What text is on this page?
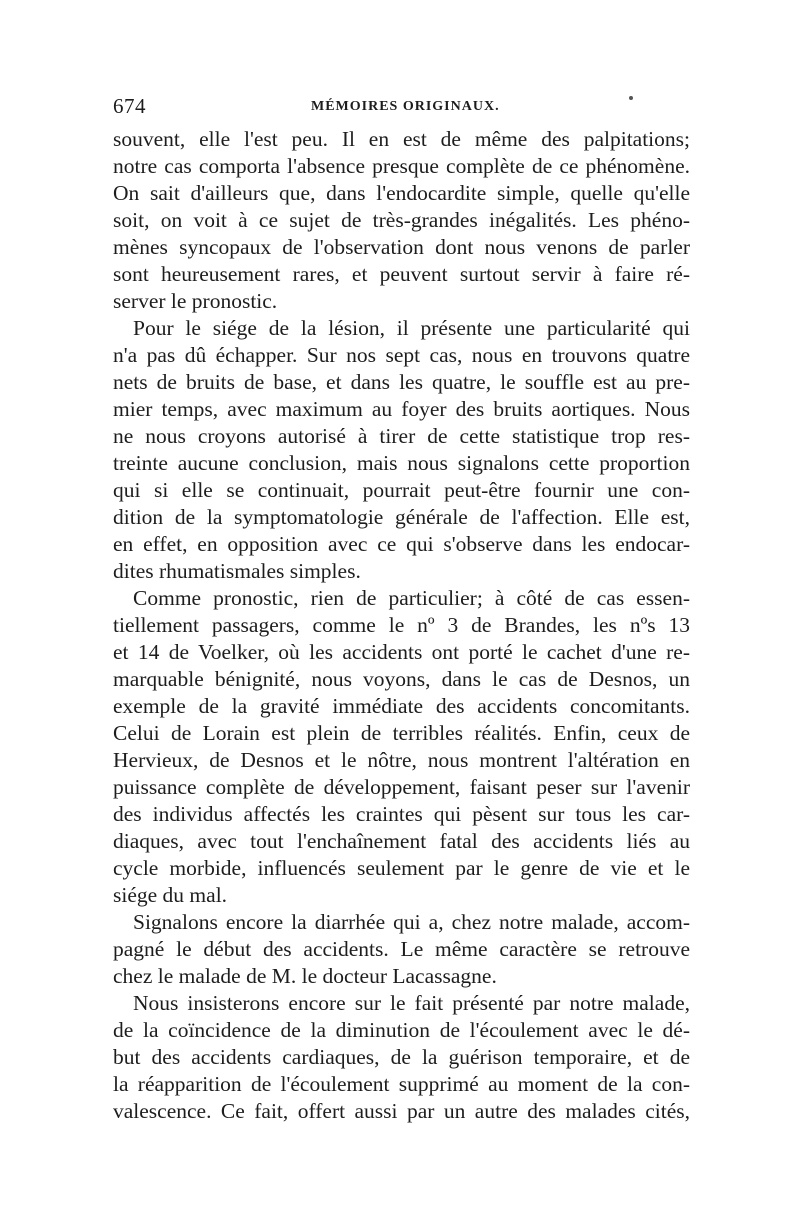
674	MÉMOIRES ORIGINAUX.
souvent, elle l'est peu. Il en est de même des palpitations;
notre cas comporta l'absence presque complète de ce phénomène.
On sait d'ailleurs que, dans l'endocardite simple, quelle qu'elle
soit, on voit à ce sujet de très-grandes inégalités. Les phéno-
mènes syncopaux de l'observation dont nous venons de parler
sont heureusement rares, et peuvent surtout servir à faire ré-
server le pronostic.
Pour le siége de la lésion, il présente une particularité qui
n'a pas dû échapper. Sur nos sept cas, nous en trouvons quatre
nets de bruits de base, et dans les quatre, le souffle est au pre-
mier temps, avec maximum au foyer des bruits aortiques. Nous
ne nous croyons autorisé à tirer de cette statistique trop res-
treinte aucune conclusion, mais nous signalons cette proportion
qui si elle se continuait, pourrait peut-être fournir une con-
dition de la symptomatologie générale de l'affection. Elle est,
en effet, en opposition avec ce qui s'observe dans les endocar-
dites rhumatismales simples.
Comme pronostic, rien de particulier; à côté de cas essen-
tiellement passagers, comme le nº 3 de Brandes, les nºs 13
et 14 de Voelker, où les accidents ont porté le cachet d'une re-
marquable bénignité, nous voyons, dans le cas de Desnos, un
exemple de la gravité immédiate des accidents concomitants.
Celui de Lorain est plein de terribles réalités. Enfin, ceux de
Hervieux, de Desnos et le nôtre, nous montrent l'altération en
puissance complète de développement, faisant peser sur l'avenir
des individus affectés les craintes qui pèsent sur tous les car-
diaques, avec tout l'enchaînement fatal des accidents liés au
cycle morbide, influencés seulement par le genre de vie et le
siége du mal.
Signalons encore la diarrhée qui a, chez notre malade, accom-
pagné le début des accidents. Le même caractère se retrouve
chez le malade de M. le docteur Lacassagne.
Nous insisterons encore sur le fait présenté par notre malade,
de la coïncidence de la diminution de l'écoulement avec le dé-
but des accidents cardiaques, de la guérison temporaire, et de
la réapparition de l'écoulement supprimé au moment de la con-
valescence. Ce fait, offert aussi par un autre des malades cités,
